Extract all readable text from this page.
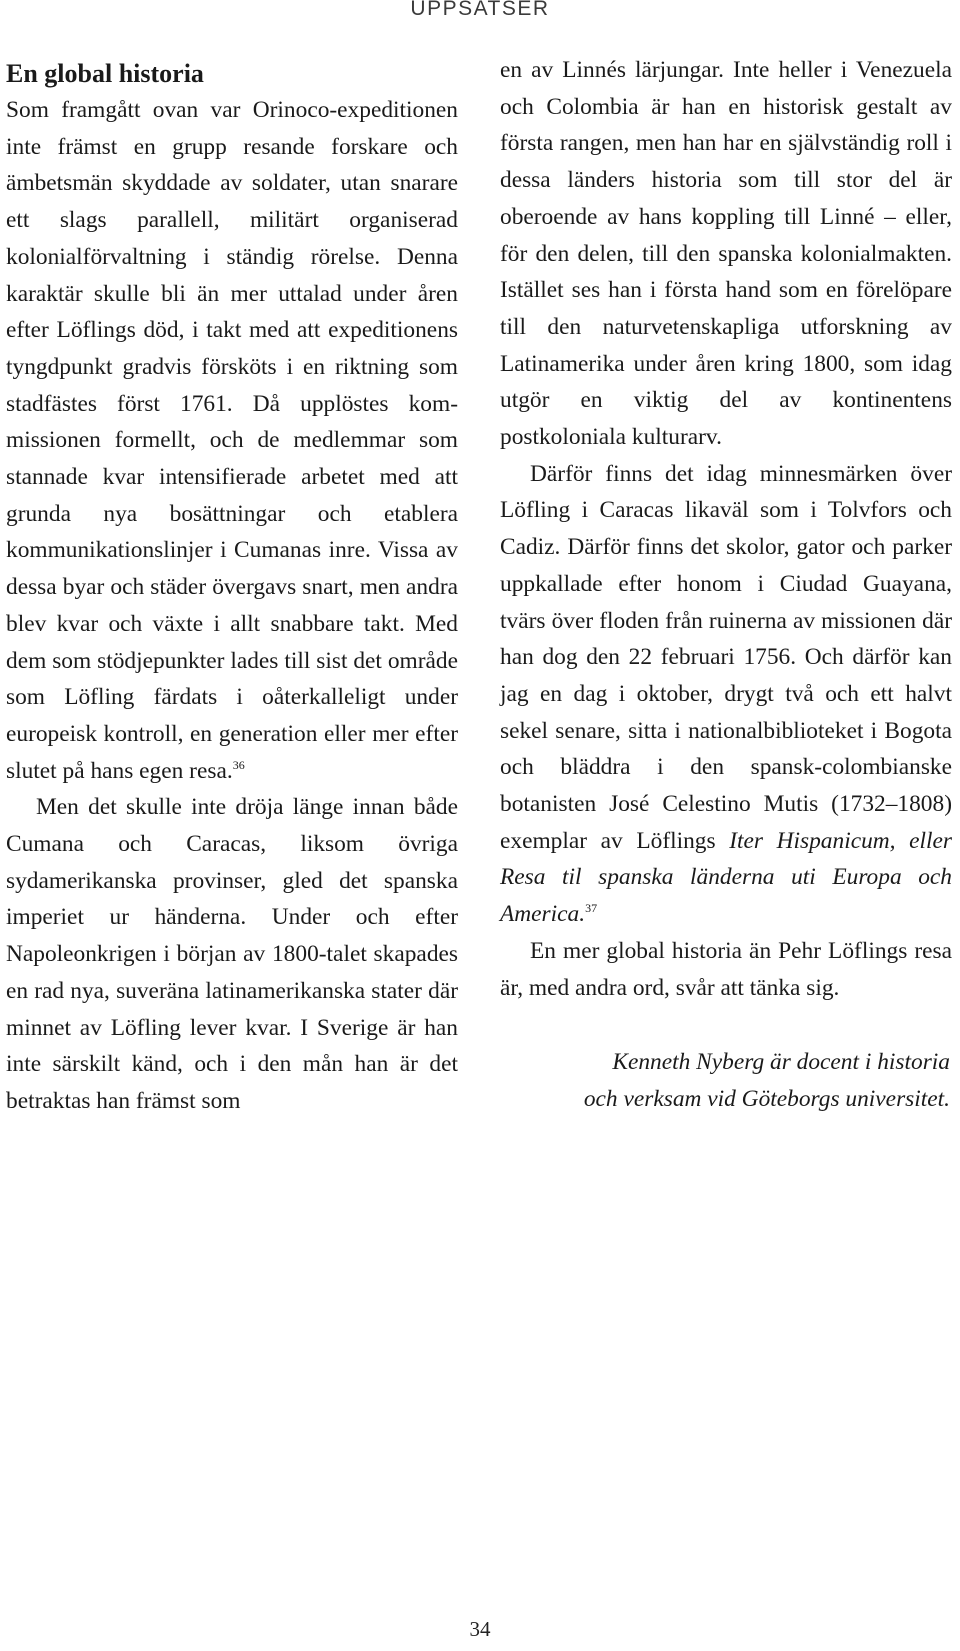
UPPSATSER
En global historia

Som framgått ovan var Orinoco-expeditionen inte främst en grupp resande forskare och ämbetsmän skyddade av soldater, utan snarare ett slags parallell, militärt organiserad kolonialförvaltning i ständig rörelse. Denna karaktär skulle bli än mer uttalad under åren efter Löflings död, i takt med att expeditionens tyngdpunkt gradvis försköts i en riktning som stadfästes först 1761. Då upplöstes kommissionen formellt, och de medlemmar som stannade kvar intensifierade arbetet med att grunda nya bosättningar och etablera kommunikationslinjer i Cumanas inre. Vissa av dessa byar och städer övergavs snart, men andra blev kvar och växte i allt snabbare takt. Med dem som stödjepunkter lades till sist det område som Löfling färdats i oåterkalleligt under europeisk kontroll, en generation eller mer efter slutet på hans egen resa.$^{36}$

Men det skulle inte dröja länge innan både Cumana och Caracas, liksom övriga sydamerikanska provinser, gled det spanska imperiet ur händerna. Under och efter Napoleonkrigen i början av 1800-talet skapades en rad nya, suveräna latinamerikanska stater där minnet av Löfling lever kvar. I Sverige är han inte särskilt känd, och i den mån han är det betraktas han främst som

en av Linnés lärjungar. Inte heller i Venezuela och Colombia är han en historisk gestalt av första rangen, men han har en självständig roll i dessa länders historia som till stor del är oberoende av hans koppling till Linné – eller, för den delen, till den spanska kolonialmakten. Istället ses han i första hand som en förelöpare till den naturvetenskapliga utforskning av Latinamerika under åren kring 1800, som idag utgör en viktig del av kontinentens postkoloniala kulturarv.

Därför finns det idag minnesmärken över Löfling i Caracas likaväl som i Tolvfors och Cadiz. Därför finns det skolor, gator och parker uppkallade efter honom i Ciudad Guayana, tvärs över floden från ruinerna av missionen där han dog den 22 februari 1756. Och därför kan jag en dag i oktober, drygt två och ett halvt sekel senare, sitta i nationalbiblioteket i Bogota och bläddra i den spansk-colombianske botanisten José Celestino Mutis (1732–1808) exemplar av Löflings Iter Hispanicum, eller Resa til spanska länderna uti Europa och America.$^{37}$

En mer global historia än Pehr Löflings resa är, med andra ord, svår att tänka sig.

Kenneth Nyberg är docent i historia
och verksam vid Göteborgs universitet.

34
